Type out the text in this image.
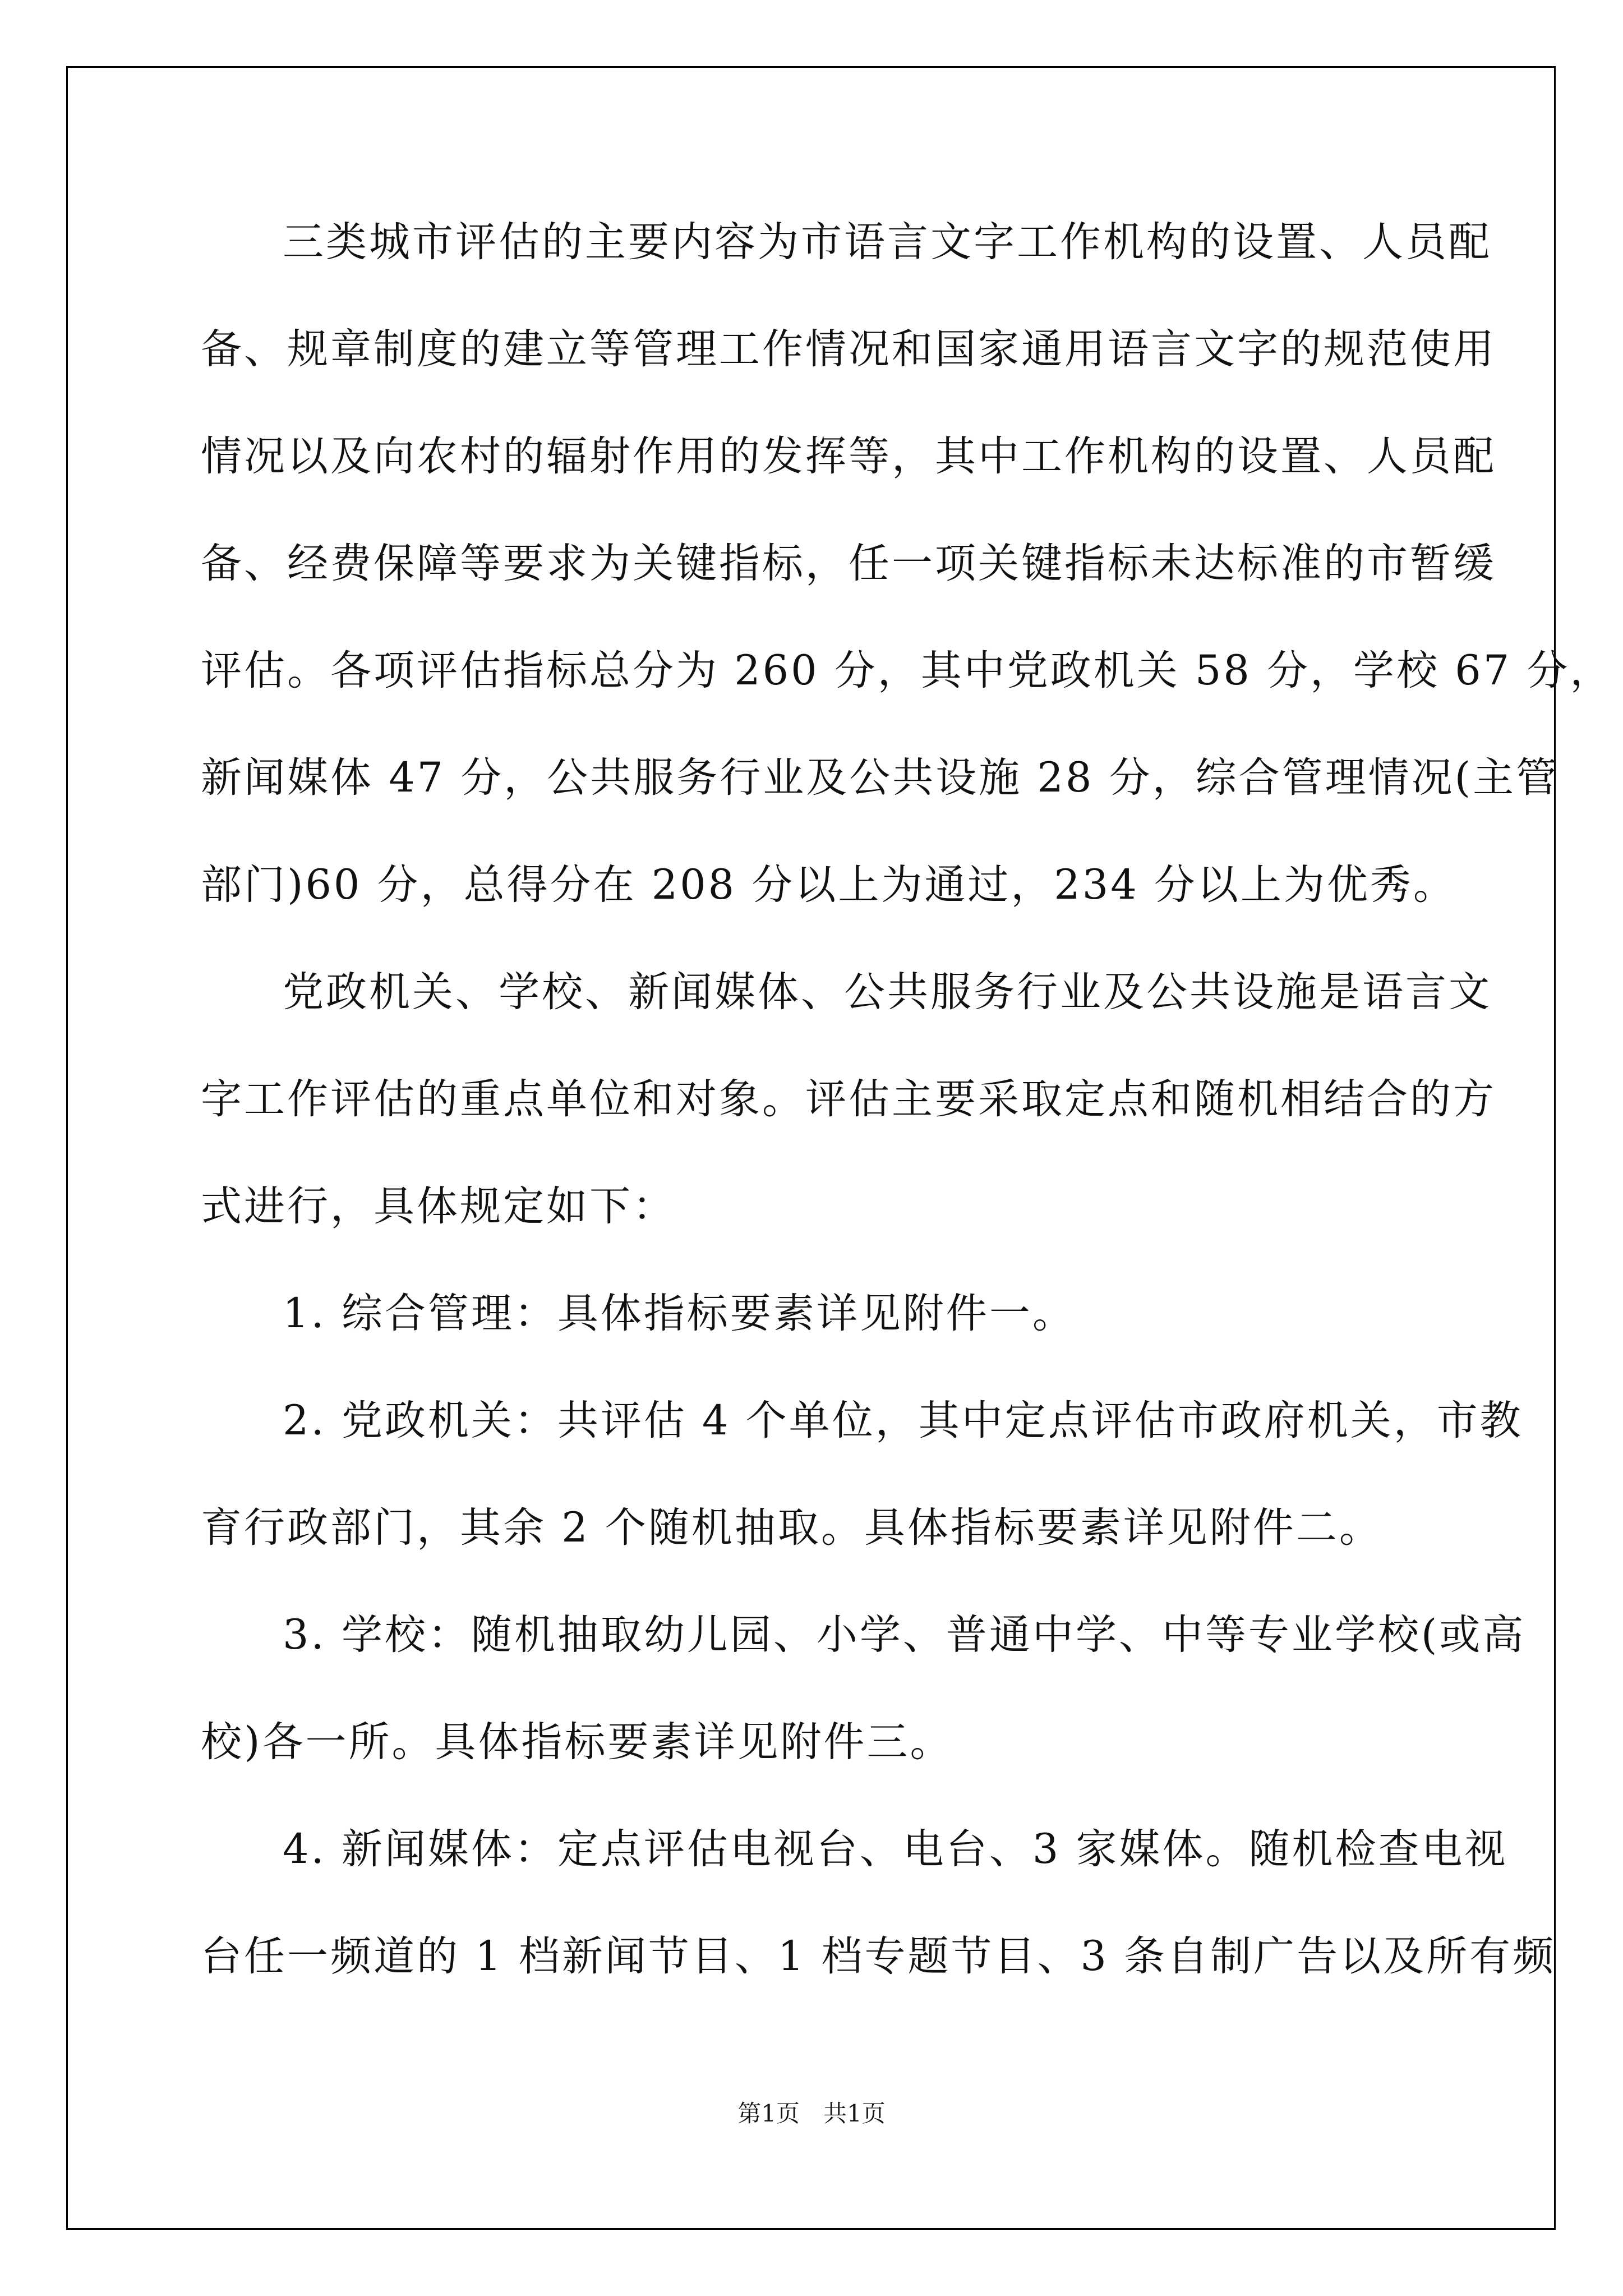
三类城市评估的主要内容为市语言文字工作机构的设置、人员配
备、规章制度的建立等管理工作情况和国家通用语言文字的规范使用
情况以及向农村的辐射作用的发挥等，其中工作机构的设置、人员配
备、经费保障等要求为关键指标，任一项关键指标未达标准的市暂缓
评估。各项评估指标总分为 260 分，其中党政机关 58 分，学校 67 分，
新闻媒体 47 分，公共服务行业及公共设施 28 分，综合管理情况(主管
部门)60 分，总得分在 208 分以上为通过，234 分以上为优秀。
党政机关、学校、新闻媒体、公共服务行业及公共设施是语言文
字工作评估的重点单位和对象。评估主要采取定点和随机相结合的方
式进行，具体规定如下：
1. 综合管理：具体指标要素详见附件一。
2. 党政机关：共评估 4 个单位，其中定点评估市政府机关，市教
育行政部门，其余 2 个随机抽取。具体指标要素详见附件二。
3. 学校：随机抽取幼儿园、小学、普通中学、中等专业学校(或高
校)各一所。具体指标要素详见附件三。
4. 新闻媒体：定点评估电视台、电台、3 家媒体。随机检查电视
台任一频道的 1 档新闻节目、1 档专题节目、3 条自制广告以及所有频
第1页　共1页
